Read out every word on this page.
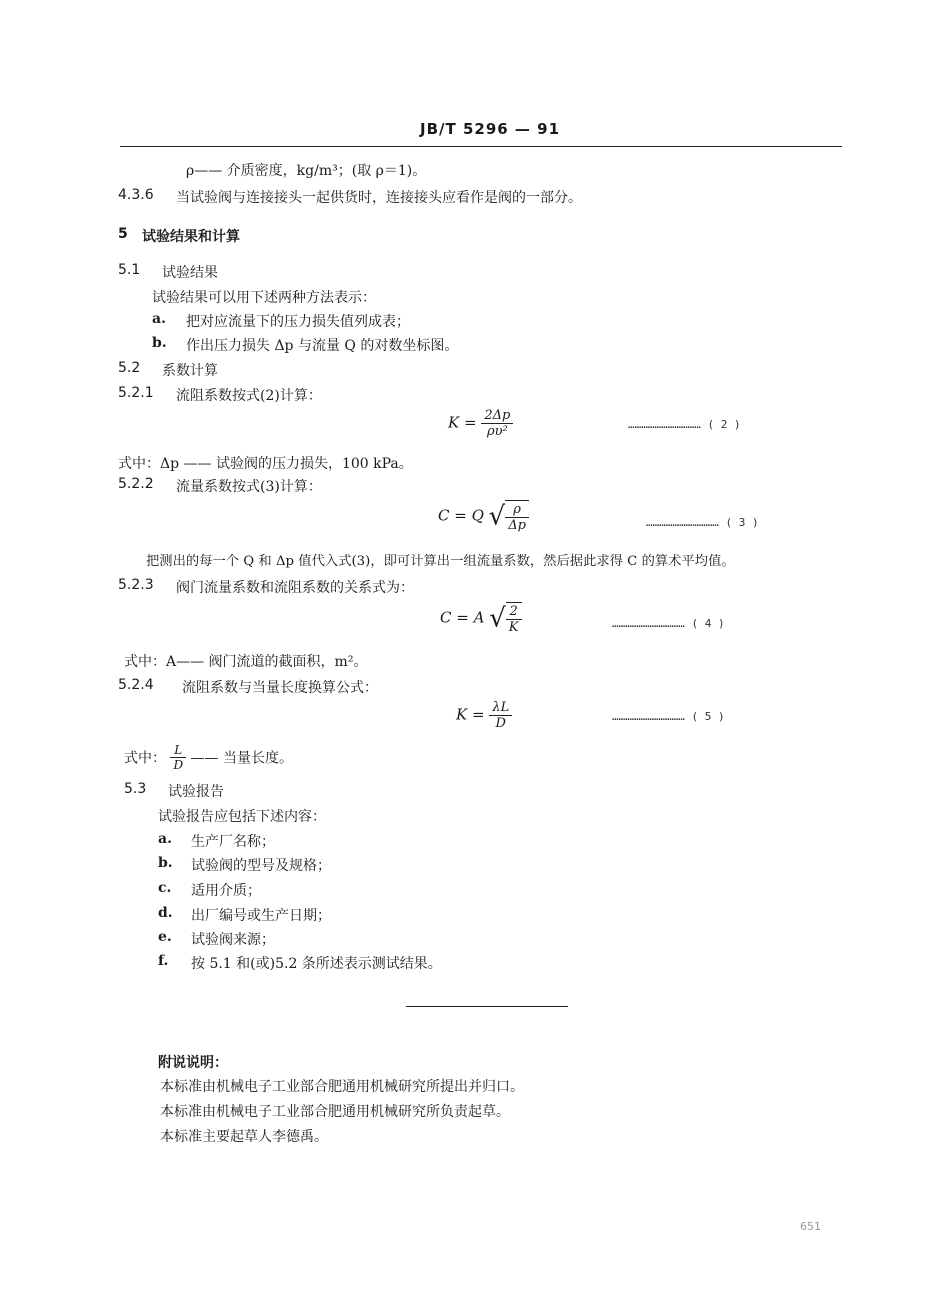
JB/T 5296 — 91
ρ—— 介质密度，kg/m³；(取 ρ＝1)。
4.3.6 当试验阀与连接接头一起供货时，连接接头应看作是阀的一部分。
5 试验结果和计算
5.1 试验结果
试验结果可以用下述两种方法表示：
a. 把对应流量下的压力损失值列成表；
b. 作出压力损失 Δp 与流量 Q 的对数坐标图。
5.2 系数计算
5.2.1 流阻系数按式(2)计算：
$K = \frac{2\Delta p}{\text{ρυ²}}$	…………………………… ( 2 )
式中：Δp —— 试验阀的压力损失，100 kPa。
5.2.2 流量系数按式(3)计算：
C = Q √ $\frac{\rho}{\Delta p}$	…………………………… ( 3 )
把测出的每一个 Q 和 Δp 值代入式(3)，即可计算出一组流量系数，然后据此求得 C 的算术平均值。
5.2.3 阀门流量系数和流阻系数的关系式为：
C = A √ $\frac{2}{K}$	…………………………… ( 4 )
式中：A—— 阀门流道的截面积，m²。
5.2.4 流阻系数与当量长度换算公式：
$K = \frac{\lambda L}{D}$	…………………………… ( 5 )
式中： $\frac{L}{D}$ —— 当量长度。
5.3 试验报告
试验报告应包括下述内容：
a. 生产厂名称；
b. 试验阀的型号及规格；
c. 适用介质；
d. 出厂编号或生产日期；
e. 试验阀来源；
f. 按 5.1 和(或)5.2 条所述表示测试结果。
附说说明：
本标准由机械电子工业部合肥通用机械研究所提出并归口。
本标准由机械电子工业部合肥通用机械研究所负责起草。
本标准主要起草人李德禹。
651
